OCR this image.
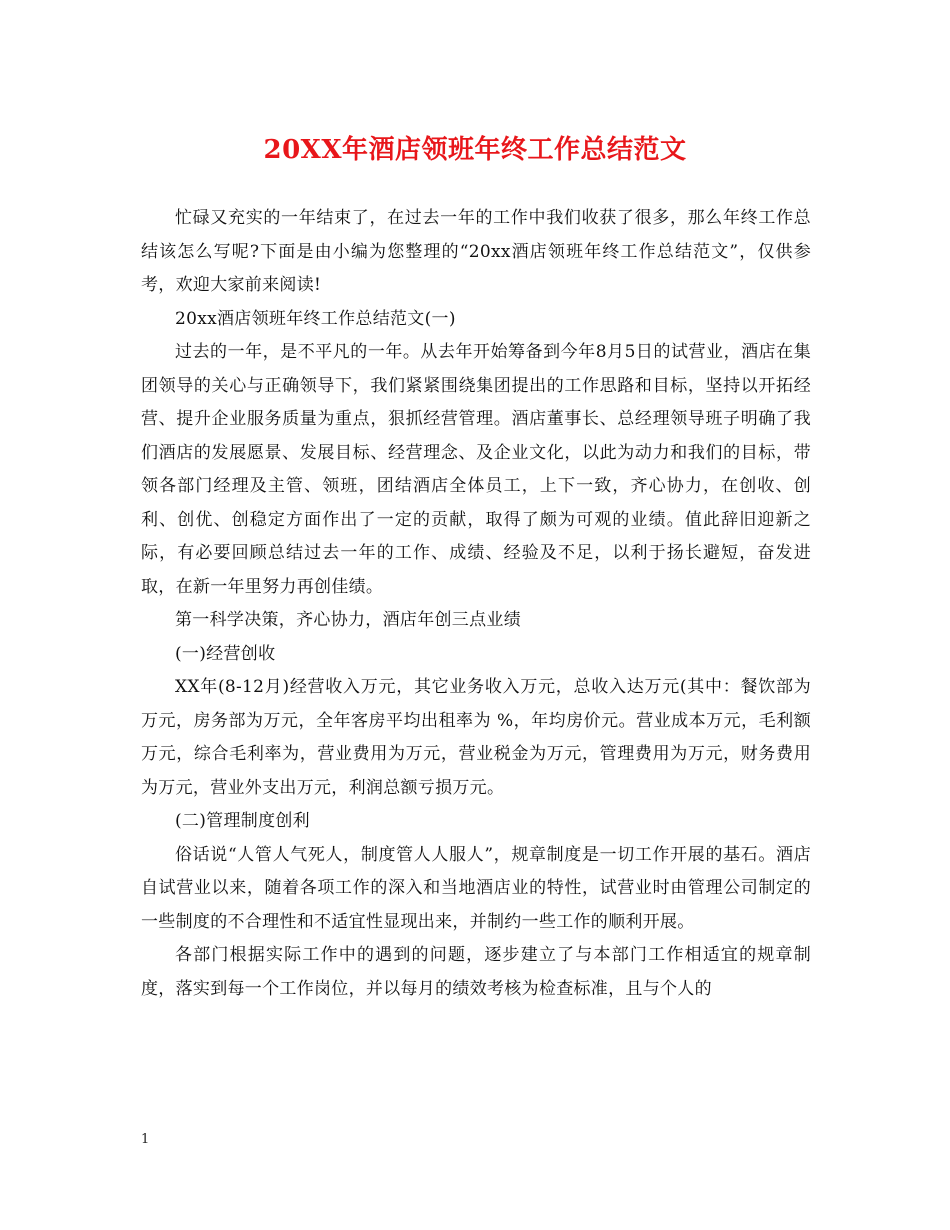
20XX年酒店领班年终工作总结范文

忙碌又充实的一年结束了，在过去一年的工作中我们收获了很多，那么年终工作总结该怎么写呢?下面是由小编为您整理的“20xx酒店领班年终工作总结范文”，仅供参考，欢迎大家前来阅读!

20xx酒店领班年终工作总结范文(一)

过去的一年，是不平凡的一年。从去年开始筹备到今年8月5日的试营业，酒店在集团领导的关心与正确领导下，我们紧紧围绕集团提出的工作思路和目标，坚持以开拓经营、提升企业服务质量为重点，狠抓经营管理。酒店董事长、总经理领导班子明确了我们酒店的发展愿景、发展目标、经营理念、及企业文化，以此为动力和我们的目标，带领各部门经理及主管、领班，团结酒店全体员工，上下一致，齐心协力，在创收、创利、创优、创稳定方面作出了一定的贡献，取得了颇为可观的业绩。值此辞旧迎新之际，有必要回顾总结过去一年的工作、成绩、经验及不足，以利于扬长避短，奋发进取，在新一年里努力再创佳绩。

第一科学决策，齐心协力，酒店年创三点业绩

(一)经营创收

XX年(8-12月)经营收入万元，其它业务收入万元，总收入达万元(其中：餐饮部为万元，房务部为万元，全年客房平均出租率为 %，年均房价元。营业成本万元，毛利额万元，综合毛利率为，营业费用为万元，营业税金为万元，管理费用为万元，财务费用为万元，营业外支出万元，利润总额亏损万元。

(二)管理制度创利

俗话说“人管人气死人，制度管人人服人”，规章制度是一切工作开展的基石。酒店自试营业以来，随着各项工作的深入和当地酒店业的特性，试营业时由管理公司制定的一些制度的不合理性和不适宜性显现出来，并制约一些工作的顺利开展。

各部门根据实际工作中的遇到的问题，逐步建立了与本部门工作相适宜的规章制度，落实到每一个工作岗位，并以每月的绩效考核为检查标准，且与个人的

1
